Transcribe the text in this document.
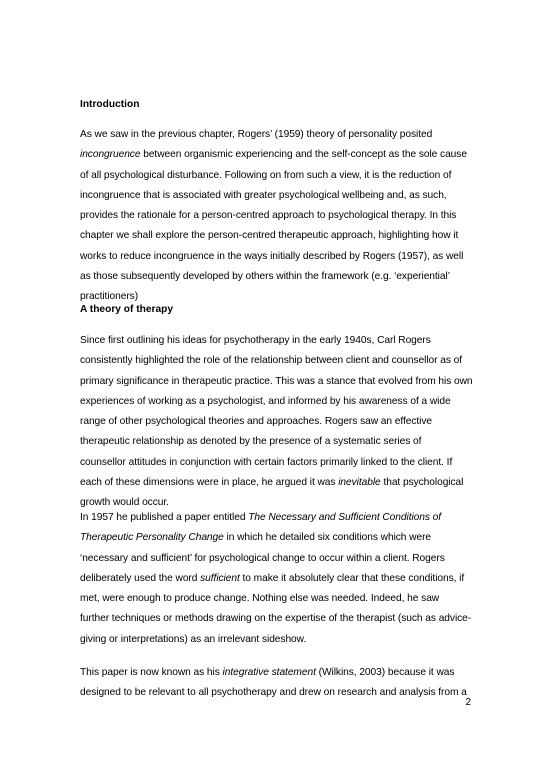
Introduction
As we saw in the previous chapter, Rogers’ (1959) theory of personality posited
incongruence between organismic experiencing and the self-concept as the sole cause
of all psychological disturbance. Following on from such a view, it is the reduction of
incongruence that is associated with greater psychological wellbeing and, as such,
provides the rationale for a person-centred approach to psychological therapy. In this
chapter we shall explore the person-centred therapeutic approach, highlighting how it
works to reduce incongruence in the ways initially described by Rogers (1957), as well
as those subsequently developed by others within the framework (e.g. ‘experiential’
practitioners)
A theory of therapy
Since first outlining his ideas for psychotherapy in the early 1940s, Carl Rogers
consistently highlighted the role of the relationship between client and counsellor as of
primary significance in therapeutic practice. This was a stance that evolved from his own
experiences of working as a psychologist, and informed by his awareness of a wide
range of other psychological theories and approaches. Rogers saw an effective
therapeutic relationship as denoted by the presence of a systematic series of
counsellor attitudes in conjunction with certain factors primarily linked to the client. If
each of these dimensions were in place, he argued it was inevitable that psychological
growth would occur.
In 1957 he published a paper entitled The Necessary and Sufficient Conditions of
Therapeutic Personality Change in which he detailed six conditions which were
‘necessary and sufficient’ for psychological change to occur within a client. Rogers
deliberately used the word sufficient to make it absolutely clear that these conditions, if
met, were enough to produce change. Nothing else was needed. Indeed, he saw
further techniques or methods drawing on the expertise of the therapist (such as advice-
giving or interpretations) as an irrelevant sideshow.
This paper is now known as his integrative statement (Wilkins, 2003) because it was
designed to be relevant to all psychotherapy and drew on research and analysis from a
2
